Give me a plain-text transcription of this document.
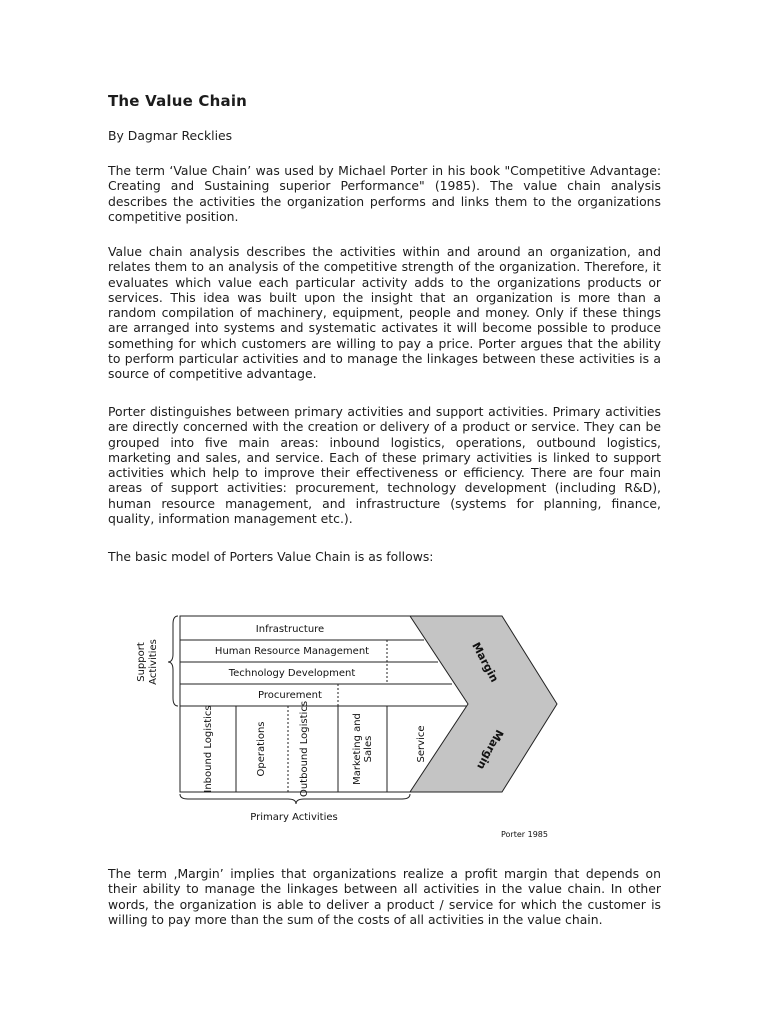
The Value Chain
By Dagmar Recklies

The term ‘Value Chain’ was used by Michael Porter in his book "Competitive Advantage: Creating and Sustaining superior Performance" (1985). The value chain analysis describes the activities the organization performs and links them to the organizations competitive position.

Value chain analysis describes the activities within and around an organization, and relates them to an analysis of the competitive strength of the organization. Therefore, it evaluates which value each particular activity adds to the organizations products or services. This idea was built upon the insight that an organization is more than a random compilation of machinery, equipment, people and money. Only if these things are arranged into systems and systematic activates it will become possible to produce something for which customers are willing to pay a price. Porter argues that the ability to perform particular activities and to manage the linkages between these activities is a source of competitive advantage.

Porter distinguishes between primary activities and support activities. Primary activities are directly concerned with the creation or delivery of a product or service. They can be grouped into five main areas: inbound logistics, operations, outbound logistics, marketing and sales, and service. Each of these primary activities is linked to support activities which help to improve their effectiveness or efficiency. There are four main areas of support activities: procurement, technology development (including R&D), human resource management, and infrastructure (systems for planning, finance, quality, information management etc.).

The basic model of Porters Value Chain is as follows:

Infrastructure
Human Resource Management
Technology Development
Procurement
Inbound Logistics	Operations	Outbound Logistics	Marketing and Sales	Service
Margin
Margin
Support Activities
Primary Activities
Porter 1985

The term ‚Margin’ implies that organizations realize a profit margin that depends on their ability to manage the linkages between all activities in the value chain. In other words, the organization is able to deliver a product / service for which the customer is willing to pay more than the sum of the costs of all activities in the value chain.
